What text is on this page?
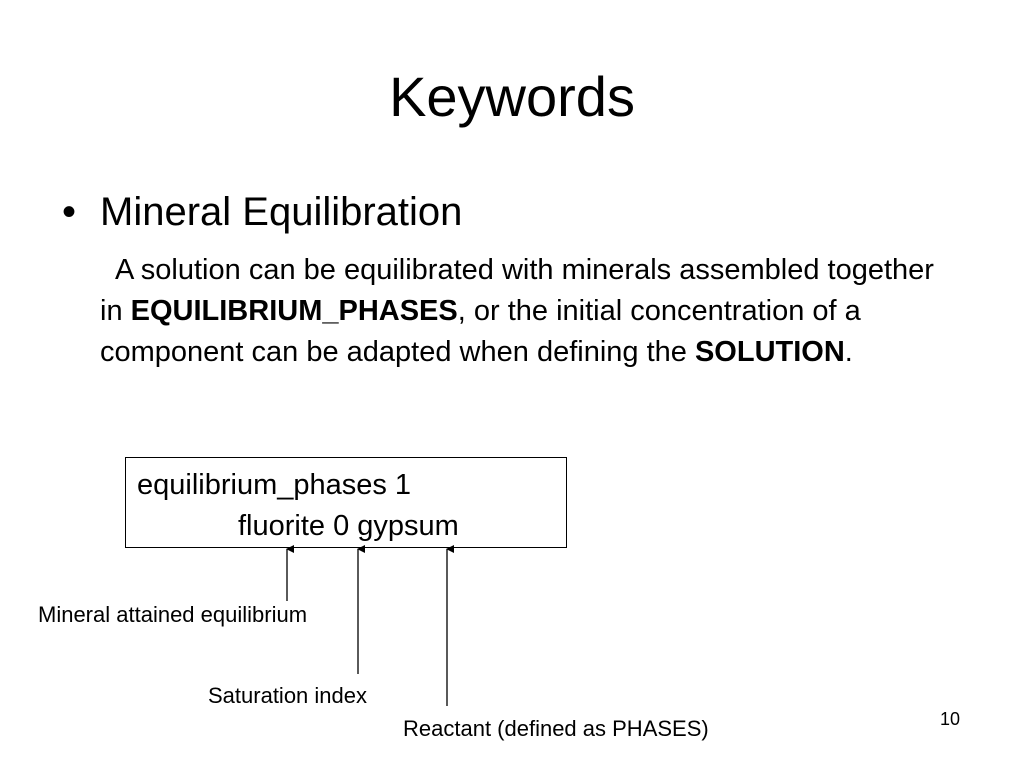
Keywords
• Mineral Equilibration

A solution can be equilibrated with minerals assembled together in EQUILIBRIUM_PHASES, or the initial concentration of a component can be adapted when defining the SOLUTION.

equilibrium_phases 1
fluorite 0 gypsum
Mineral attained equilibrium
Saturation index
Reactant (defined as PHASES)	10
